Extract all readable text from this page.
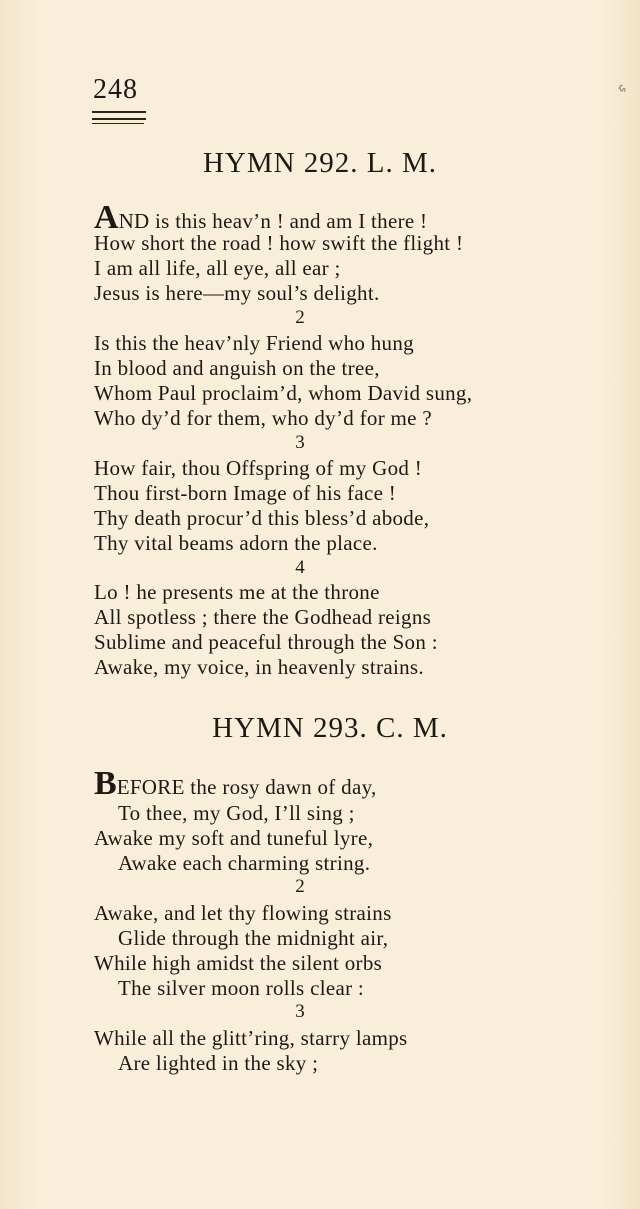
248	ي
HYMN 292. L. M.
AND is this heav’n ! and am I there !
How short the road ! how swift the flight !
I am all life, all eye, all ear ;
Jesus is here—my soul’s delight.
2
Is this the heav’nly Friend who hung
In blood and anguish on the tree,
Whom Paul proclaim’d, whom David sung,
Who dy’d for them, who dy’d for me ?
3
How fair, thou Offspring of my God !
Thou first-born Image of his face !
Thy death procur’d this bless’d abode,
Thy vital beams adorn the place.
4
Lo ! he presents me at the throne
All spotless ; there the Godhead reigns
Sublime and peaceful through the Son :
Awake, my voice, in heavenly strains.
HYMN 293. C. M.
BEFORE the rosy dawn of day,
To thee, my God, I’ll sing ;
Awake my soft and tuneful lyre,
Awake each charming string.
2
Awake, and let thy flowing strains
Glide through the midnight air,
While high amidst the silent orbs
The silver moon rolls clear :
3
While all the glitt’ring, starry lamps
Are lighted in the sky ;
